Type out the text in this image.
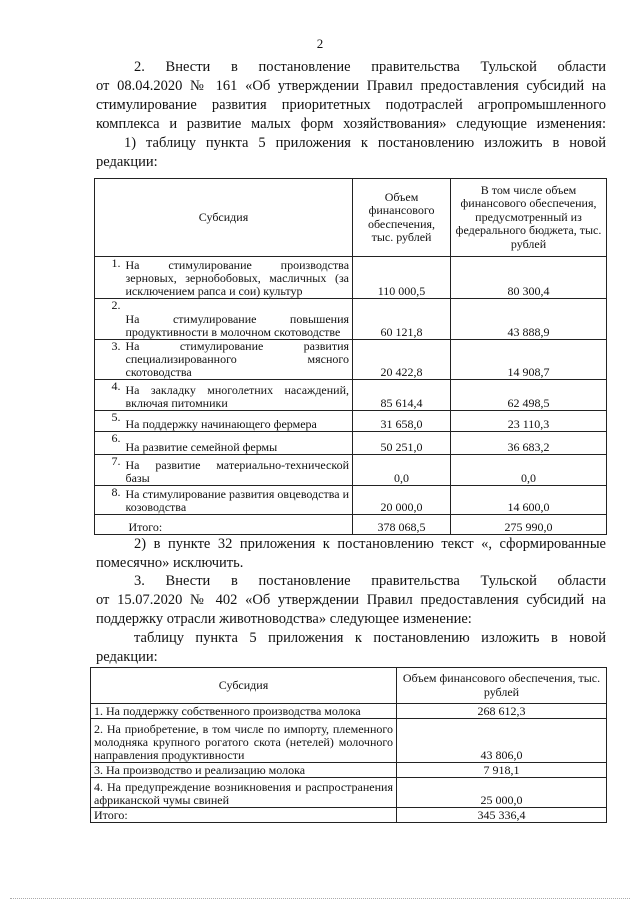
2
2. Внести в постановление правительства Тульской области
от 08.04.2020 № 161 «Об утверждении Правил предоставления субсидий на
стимулирование развития приоритетных подотраслей агропромышленного
комплекса и развитие малых форм хозяйствования» следующие изменения:
1) таблицу пункта 5 приложения к постановлению изложить в новой
редакции:
Субсидия		Объем финансового обеспечения, тыс. рублей	В том числе объем финансового обеспечения, предусмотренный из федерального бюджета, тыс. рублей
1.	На стимулирование производства зерновых, зернобобовых, масличных (за исключением рапса и сои) культур	110 000,5	80 300,4
2.	На стимулирование повышения продуктивности в молочном скотоводстве	60 121,8	43 888,9
3.	На стимулирование развития специализированного мясного скотоводства	20 422,8	14 908,7
4.	На закладку многолетних насаждений, включая питомники	85 614,4	62 498,5
5.	На поддержку начинающего фермера	31 658,0	23 110,3
6.	На развитие семейной фермы	50 251,0	36 683,2
7.	На развитие материально-технической базы	0,0	0,0
8.	На стимулирование развития овцеводства и козоводства	20 000,0	14 600,0
	Итого:	378 068,5	275 990,0
2) в пункте 32 приложения к постановлению текст «, сформированные
помесячно» исключить.
3. Внести в постановление правительства Тульской области
от 15.07.2020 № 402 «Об утверждении Правил предоставления субсидий на
поддержку отрасли животноводства» следующее изменение:
таблицу пункта 5 приложения к постановлению изложить в новой
редакции:
Субсидия	Объем финансового обеспечения, тыс. рублей
1. На поддержку собственного производства молока	268 612,3
2. На приобретение, в том числе по импорту, племенного молодняка крупного рогатого скота (нетелей) молочного направления продуктивности	43 806,0
3. На производство и реализацию молока	7 918,1
4. На предупреждение возникновения и распространения африканской чумы свиней	25 000,0
Итого:	345 336,4
